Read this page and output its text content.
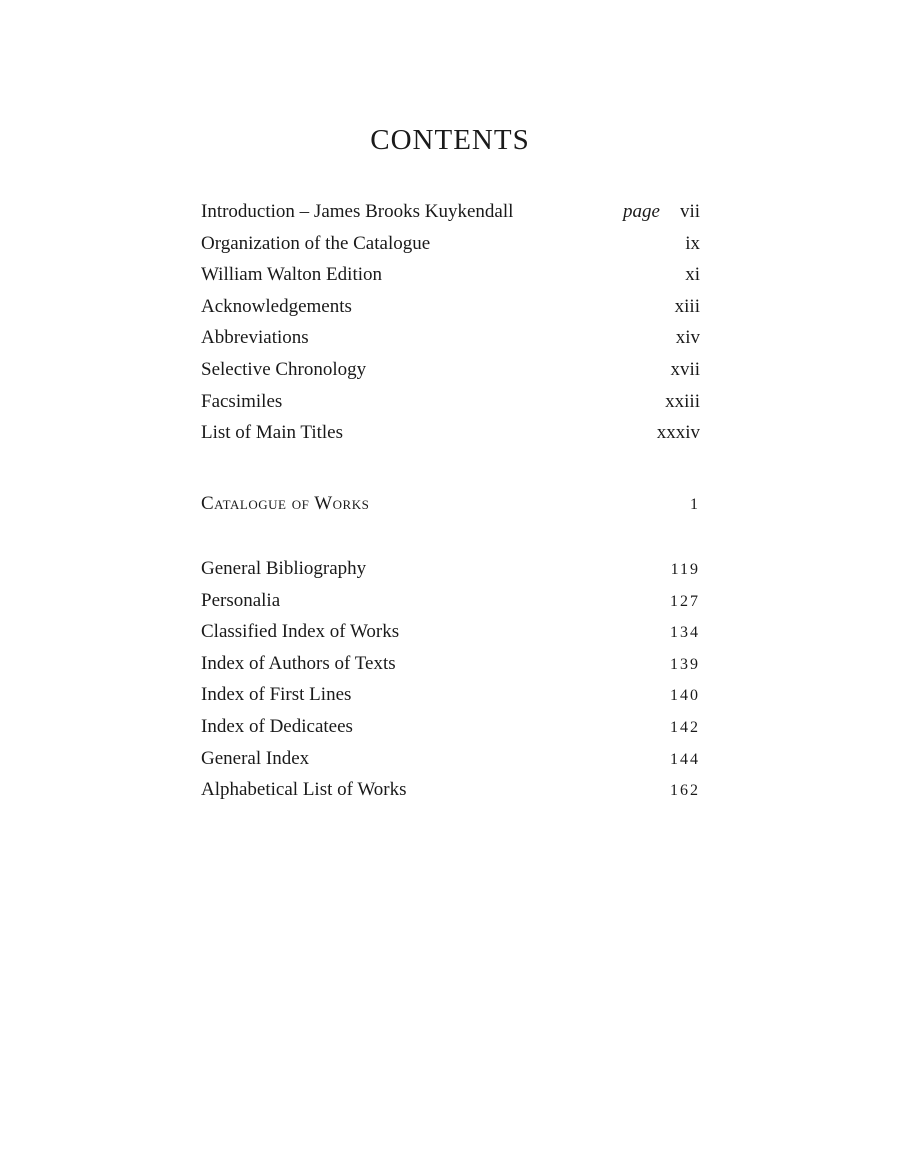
CONTENTS
Introduction – James Brooks Kuykendall	page vii
Organization of the Catalogue	ix
William Walton Edition	xi
Acknowledgements	xiii
Abbreviations	xiv
Selective Chronology	xvii
Facsimiles	xxiii
List of Main Titles	xxxiv
Catalogue of Works	1
General Bibliography	119
Personalia	127
Classified Index of Works	134
Index of Authors of Texts	139
Index of First Lines	140
Index of Dedicatees	142
General Index	144
Alphabetical List of Works	162
